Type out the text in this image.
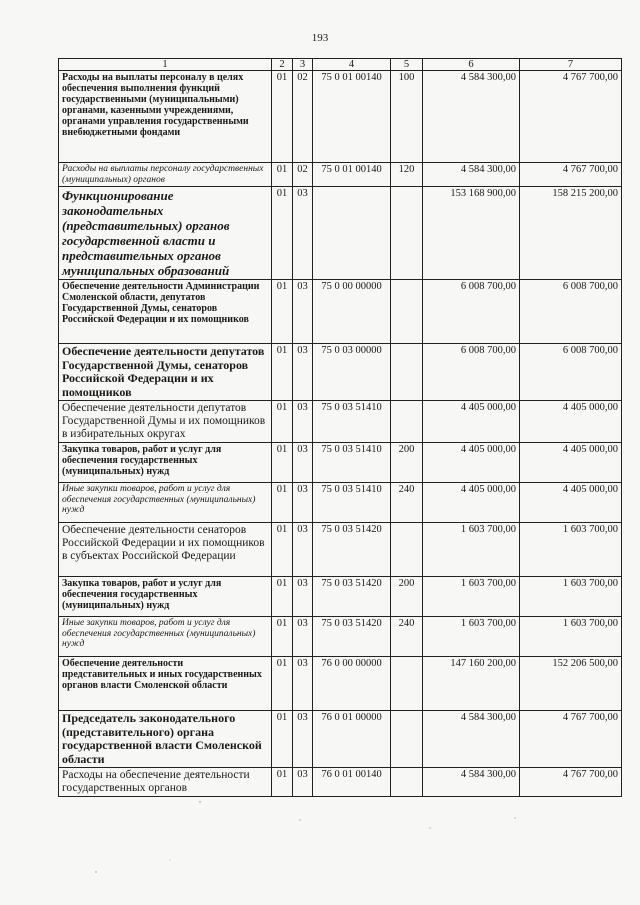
193
1	2	3	4	5	6	7
Расходы на выплаты персоналу в целях обеспечения выполнения функций государственными (муниципальными) органами, казенными учреждениями, органами управления государственными внебюджетными фондами	01	02	75 0 01 00140	100	4 584 300,00	4 767 700,00
Расходы на выплаты персоналу государственных (муниципальных) органов	01	02	75 0 01 00140	120	4 584 300,00	4 767 700,00
Функционирование законодательных (представительных) органов государственной власти и представительных органов муниципальных образований	01	03			153 168 900,00	158 215 200,00
Обеспечение деятельности Администрации Смоленской области, депутатов Государственной Думы, сенаторов Российской Федерации и их помощников	01	03	75 0 00 00000		6 008 700,00	6 008 700,00
Обеспечение деятельности депутатов Государственной Думы, сенаторов Российской Федерации и их помощников	01	03	75 0 03 00000		6 008 700,00	6 008 700,00
Обеспечение деятельности депутатов Государственной Думы и их помощников в избирательных округах	01	03	75 0 03 51410		4 405 000,00	4 405 000,00
Закупка товаров, работ и услуг для обеспечения государственных (муниципальных) нужд	01	03	75 0 03 51410	200	4 405 000,00	4 405 000,00
Иные закупки товаров, работ и услуг для обеспечения государственных (муниципальных) нужд	01	03	75 0 03 51410	240	4 405 000,00	4 405 000,00
Обеспечение деятельности сенаторов Российской Федерации и их помощников в субъектах Российской Федерации	01	03	75 0 03 51420		1 603 700,00	1 603 700,00
Закупка товаров, работ и услуг для обеспечения государственных (муниципальных) нужд	01	03	75 0 03 51420	200	1 603 700,00	1 603 700,00
Иные закупки товаров, работ и услуг для обеспечения государственных (муниципальных) нужд	01	03	75 0 03 51420	240	1 603 700,00	1 603 700,00
Обеспечение деятельности представительных и иных государственных органов власти Смоленской области	01	03	76 0 00 00000		147 160 200,00	152 206 500,00
Председатель законодательного (представительного) органа государственной власти Смоленской области	01	03	76 0 01 00000		4 584 300,00	4 767 700,00
Расходы на обеспечение деятельности государственных органов	01	03	76 0 01 00140		4 584 300,00	4 767 700,00
